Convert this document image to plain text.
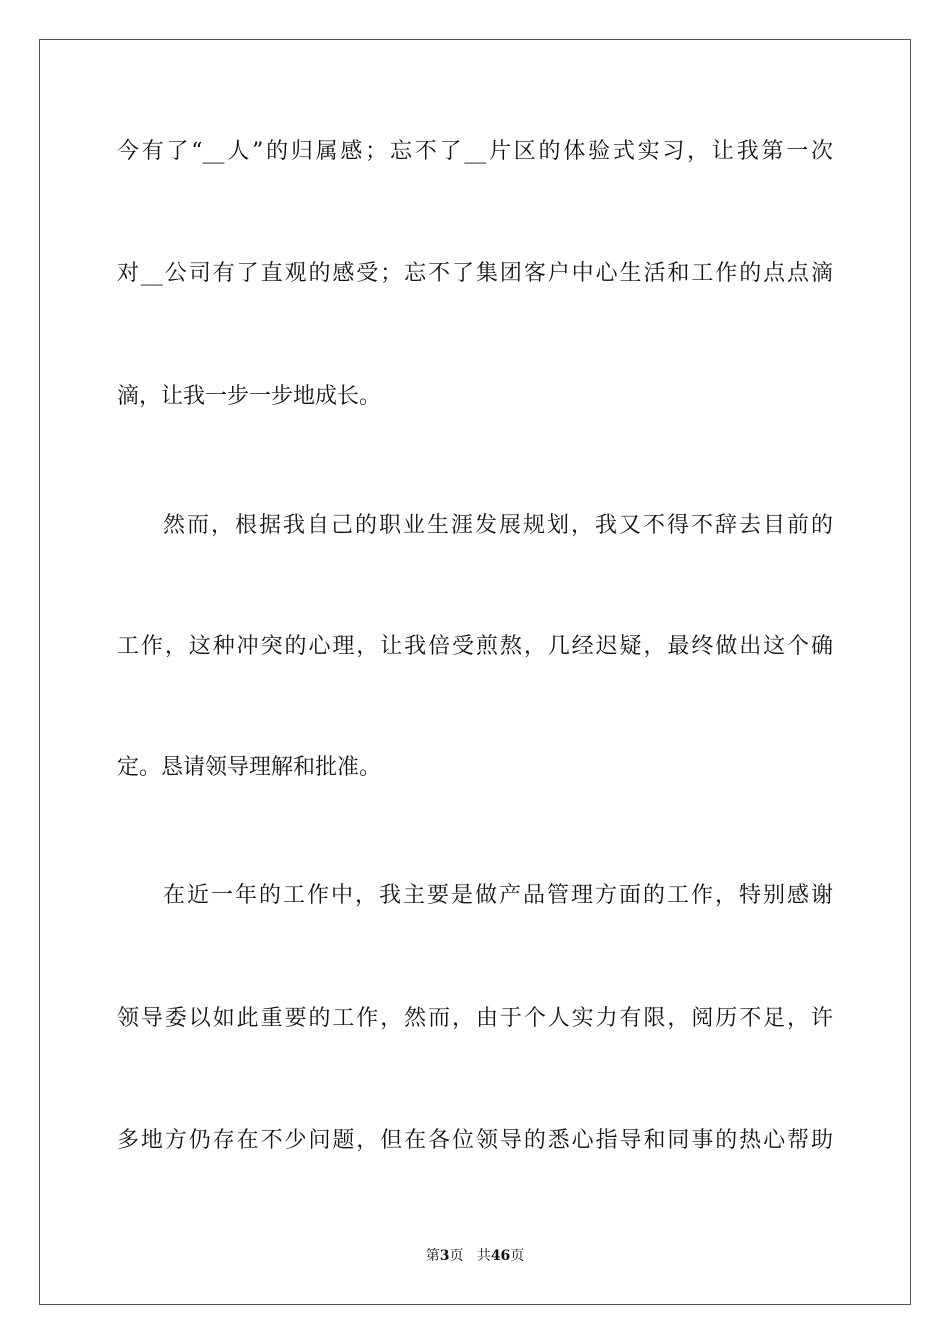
今有了“__人”的归属感；忘不了__片区的体验式实习，让我第一次
对__公司有了直观的感受；忘不了集团客户中心生活和工作的点点滴
滴，让我一步一步地成长。
然而，根据我自己的职业生涯发展规划，我又不得不辞去目前的
工作，这种冲突的心理，让我倍受煎熬，几经迟疑，最终做出这个确
定。恳请领导理解和批准。
在近一年的工作中，我主要是做产品管理方面的工作，特别感谢
领导委以如此重要的工作，然而，由于个人实力有限，阅历不足，许
多地方仍存在不少问题，但在各位领导的悉心指导和同事的热心帮助
第3页 共46页
